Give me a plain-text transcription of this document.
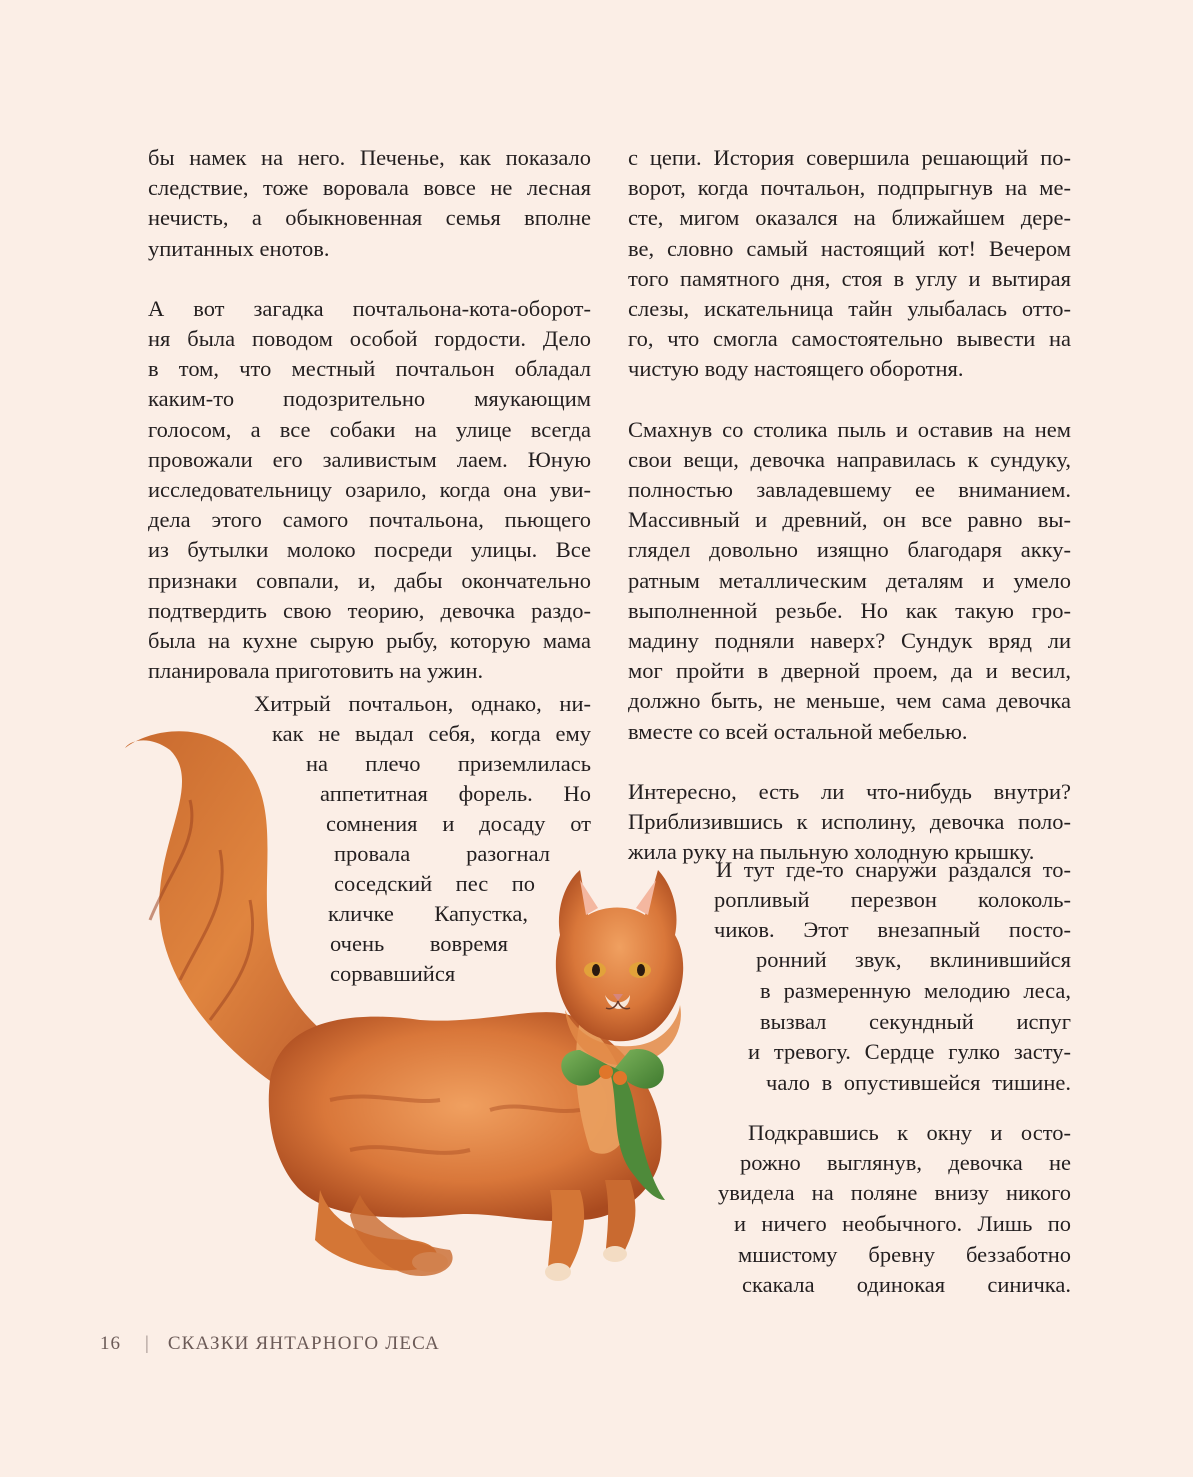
бы намек на него. Печенье, как показало
следствие, тоже воровала вовсе не лесная
нечисть, а обыкновенная семья вполне
упитанных енотов.

А вот загадка почтальона-кота-оборот-
ня была поводом особой гордости. Дело
в том, что местный почтальон обладал
каким-то подозрительно мяукающим
голосом, а все собаки на улице всегда
провожали его заливистым лаем. Юную
исследовательницу озарило, когда она уви-
дела этого самого почтальона, пьющего
из бутылки молоко посреди улицы. Все
признаки совпали, и, дабы окончательно
подтвердить свою теорию, девочка раздо-
была на кухне сырую рыбу, которую мама
планировала приготовить на ужин.

Хитрый почтальон, однако, ни-
как не выдал себя, когда ему
на плечо приземлилась
аппетитная форель. Но
сомнения и досаду от
провала разогнал
соседский пес по
кличке Капустка,
очень вовремя
сорвавшийся

с цепи. История совершила решающий по-
ворот, когда почтальон, подпрыгнув на ме-
сте, мигом оказался на ближайшем дере-
ве, словно самый настоящий кот! Вечером
того памятного дня, стоя в углу и вытирая
слезы, искательница тайн улыбалась отто-
го, что смогла самостоятельно вывести на
чистую воду настоящего оборотня.

Смахнув со столика пыль и оставив на нем
свои вещи, девочка направилась к сундуку,
полностью завладевшему ее вниманием.
Массивный и древний, он все равно вы-
глядел довольно изящно благодаря акку-
ратным металлическим деталям и умело
выполненной резьбе. Но как такую гро-
мадину подняли наверх? Сундук вряд ли
мог пройти в дверной проем, да и весил,
должно быть, не меньше, чем сама девочка
вместе со всей остальной мебелью.

Интересно, есть ли что-нибудь внутри?
Приблизившись к исполину, девочка поло-
жила руку на пыльную холодную крышку.

И тут где-то снаружи раздался то-
ропливый перезвон колоколь-
чиков. Этот внезапный посто-
ронний звук, вклинившийся
в размеренную мелодию леса,
вызвал секундный испуг
и тревогу. Сердце гулко засту-
чало в опустившейся тишине.
Подкравшись к окну и осто-
рожно выглянув, девочка не
увидела на поляне внизу никого
и ничего необычного. Лишь по
мшистому бревну беззаботно
скакала одинокая синичка.
16 | СКАЗКИ ЯНТАРНОГО ЛЕСА
